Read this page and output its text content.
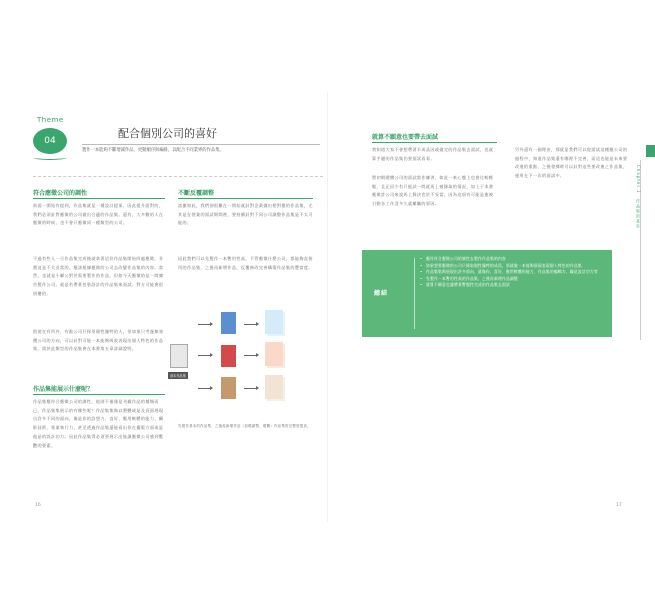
Theme
04
配合個別公司的喜好
製作一本能夠不斷增減作品、更動順序與編排，以配合不同業界的作品集。
符合應徵公司的調性

前面一開始有提到，作品集就是一種設計提案。因此提升面對的，我們必須針對應徵的公司做出合適的作品集。還有，大多數的人在應徵的時候，也不會只應徵同一種類型的公司。

不過有些人一旦作品集完成後就拿著這份作品集開始四處應徵，肯費這是不太妥當的。應該根據應徵的公司去改變作品集的內容。當然，也就是小聯公對於需要製作的作品，但如今天應徵的是一間廣告製作公司，就是若帶著包裝設計的作品集來面試，對方可能會很困擾的。

假使在有所外，有點公司只採用個性獨特的人，但如果只考慮無效體公司的方向，可以針對可能一本能夠吸收表現出個人特色的作品集，需於此類型的作品集會在本書第五章詳細說明。

作品集能展示什麼呢？

作品集應符合應徵公司的調性，他則不僅僅是刊載作品的種類而已。作品集集展示的有哪些呢？作品集集夠以塑體或是及頁面展現出許多不同的面向，像是你的設想力、直好、應用軟體的能力、攝影技術、專業執行力，甚至透過作品集還能看出你在擺版方面或是他是的設計功力。因此作品集得必須要展示出能讓應徵公司感到驚艷的要素。

不斷反覆調整

話雖如此，我們卻很難在一開始就針對企業做出相對應的作品集，尤其是在替業的面試期間裡，要持續針對不同公司調整作品集是不太可能的。

因此我們可以先製作一本暫用性高，不管應徵什麼公司，都能夠直接用的作品集，之後再新增作品，反覆修改完善構築作品集的豐富度。

基本作品集

先製作基本的作品集，之後再新增作品（加碼調整、增刪）作品集的完整度提高。

16
就算不願意也要帶去面試

我知道大家不會想帶著半成品因或做完的作品集去面試，也就算手邊的作品集仍要面試看看。

將初期總體公司的面試當作練習，如此一來心態上也會比較輕鬆，且正因少有只能試一間就馬上被錄取的情況，加上于本書應徵許公司來說馬上錄決也於不妥當，因為這項有可能是進被引動各工作沒多久就離職的原因。

另外還有一個理由，那就是我們可以從面試這種應公司的過程中，知道作品集還有哪裡不完善，而這也能是未來要改進的重點，之後發揮時可以針對這些要改進之作品集，運用在下一次的面試中。

總結
• 應符符合應徵公司的調性去製作作品集的內容
• 如果想要應徵的公司只錄取個性獨特的成員，那就做一本能夠展現表現個人特色的作品集
• 作品集集夠展現出許多面向，就像你，喜好，應用軟體的能力，作品集的編輯力、職是設計功力等
• 先製作一本暫用性高的作品集，之後再新增作品調整
• 就算不願意也讓帶著暫態性完成的作品集去面試
17
Chapter 1　作品集的基本
